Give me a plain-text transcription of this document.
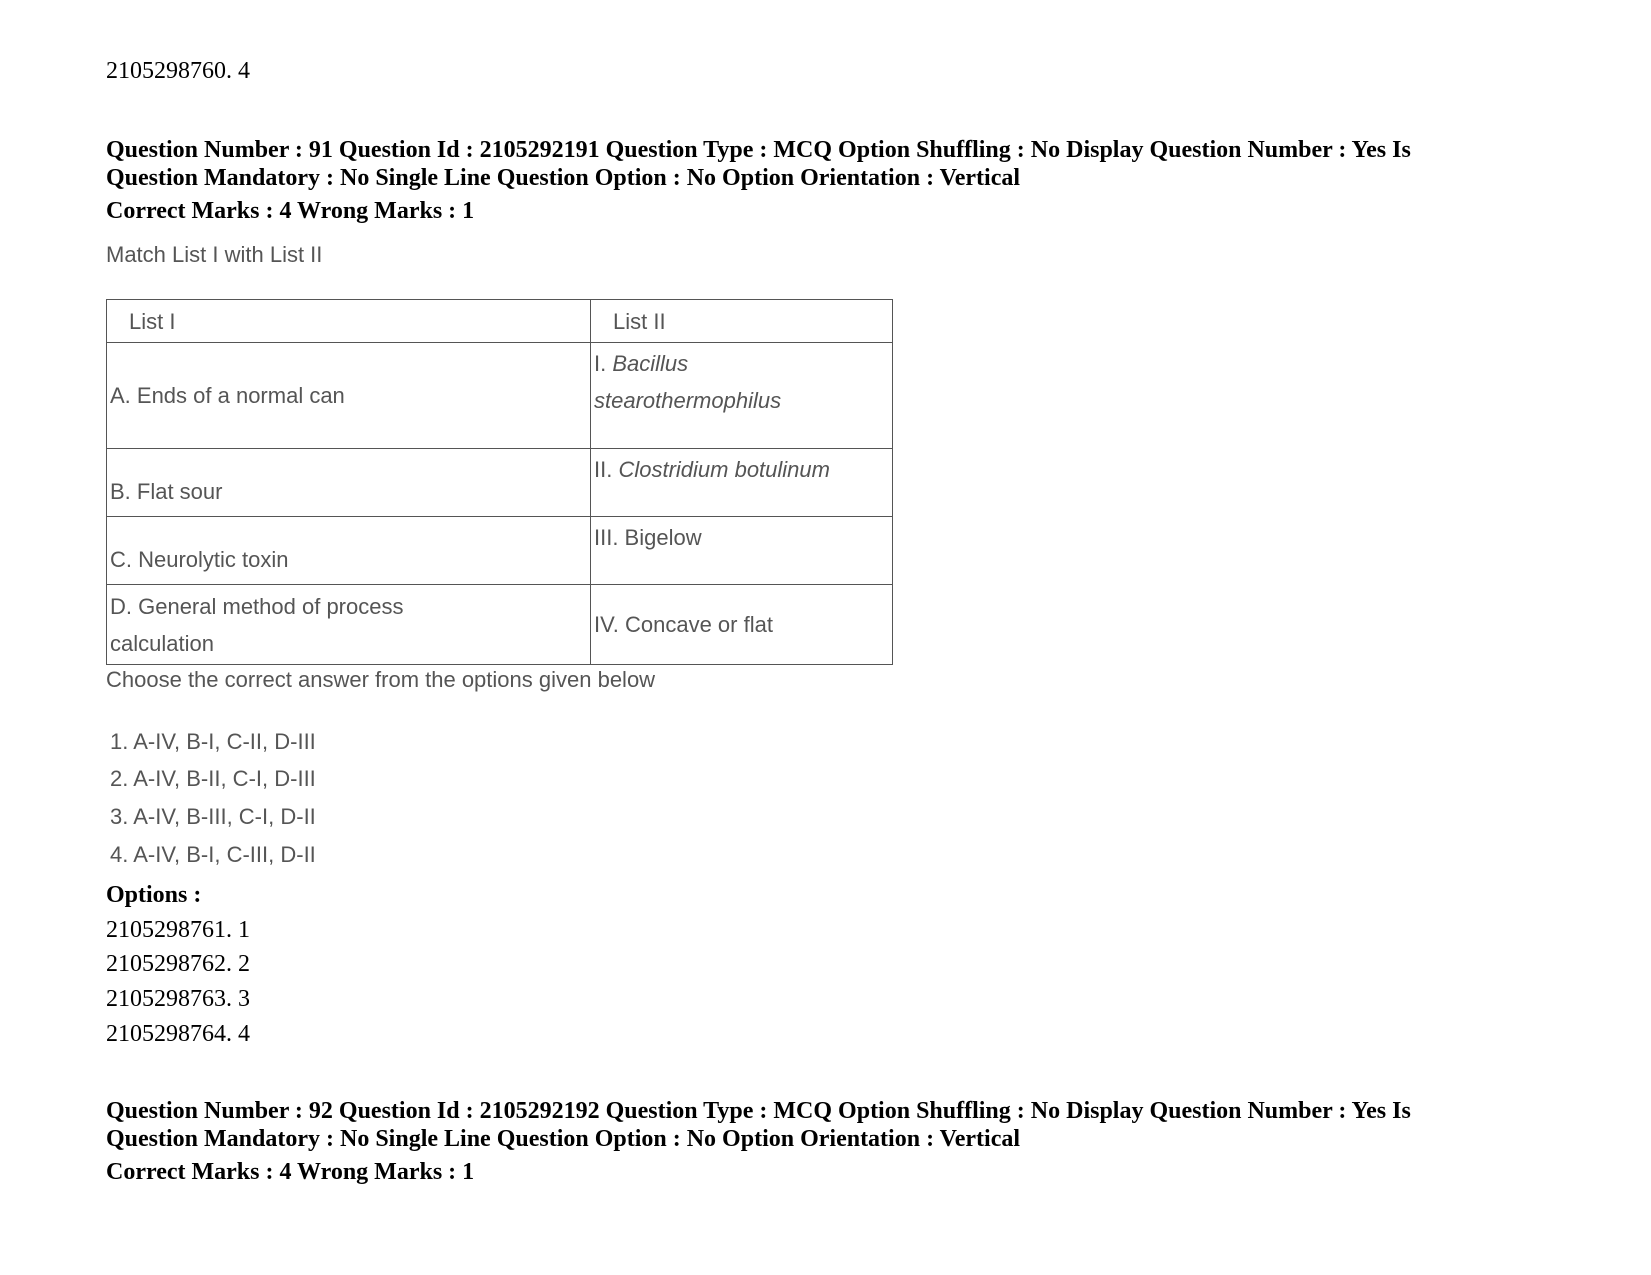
2105298760. 4
Question Number : 91 Question Id : 2105292191 Question Type : MCQ Option Shuffling : No Display Question Number : Yes Is
Question Mandatory : No Single Line Question Option : No Option Orientation : Vertical
Correct Marks : 4 Wrong Marks : 1
Match List I with List II
List I	List II
A. Ends of a normal can	I. Bacillus
stearothermophilus
B. Flat sour	II. Clostridium botulinum
C. Neurolytic toxin	III. Bigelow
D. General method of process
calculation	IV. Concave or flat
Choose the correct answer from the options given below
1. A-IV, B-I, C-II, D-III
2. A-IV, B-II, C-I, D-III
3. A-IV, B-III, C-I, D-II
4. A-IV, B-I, C-III, D-II
Options :
2105298761. 1
2105298762. 2
2105298763. 3
2105298764. 4
Question Number : 92 Question Id : 2105292192 Question Type : MCQ Option Shuffling : No Display Question Number : Yes Is
Question Mandatory : No Single Line Question Option : No Option Orientation : Vertical
Correct Marks : 4 Wrong Marks : 1
